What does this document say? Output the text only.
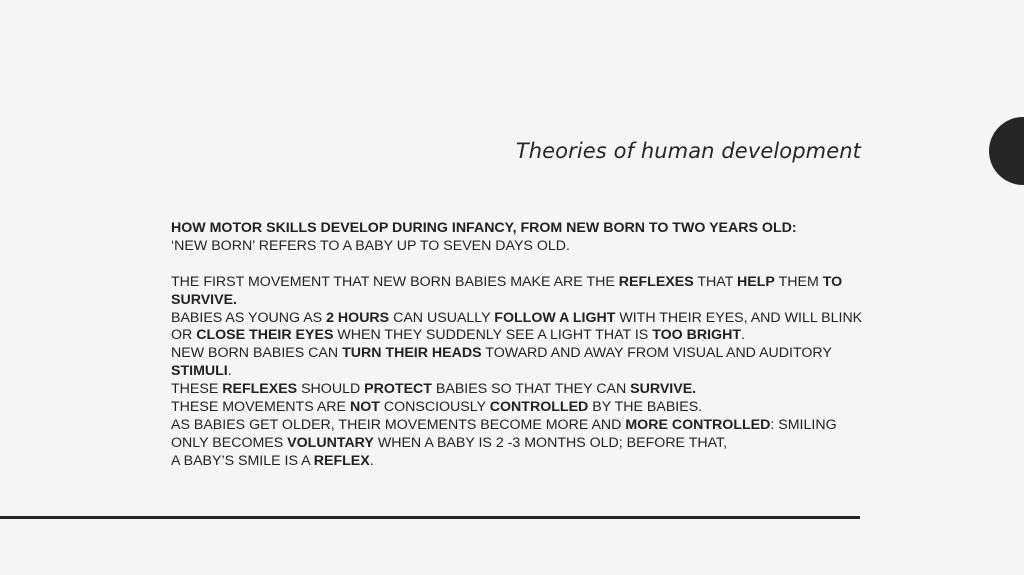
Theories of human development
HOW MOTOR SKILLS DEVELOP DURING INFANCY, FROM NEW BORN TO TWO YEARS OLD:
‘NEW BORN’ REFERS TO A BABY UP TO SEVEN DAYS OLD.
THE FIRST MOVEMENT THAT NEW BORN BABIES MAKE ARE THE REFLEXES THAT HELP THEM TO
SURVIVE.
BABIES AS YOUNG AS 2 HOURS CAN USUALLY FOLLOW A LIGHT WITH THEIR EYES, AND WILL BLINK
OR CLOSE THEIR EYES WHEN THEY SUDDENLY SEE A LIGHT THAT IS TOO BRIGHT.
NEW BORN BABIES CAN TURN THEIR HEADS TOWARD AND AWAY FROM VISUAL AND AUDITORY
STIMULI.
THESE REFLEXES SHOULD PROTECT BABIES SO THAT THEY CAN SURVIVE.
THESE MOVEMENTS ARE NOT CONSCIOUSLY CONTROLLED BY THE BABIES.
AS BABIES GET OLDER, THEIR MOVEMENTS BECOME MORE AND MORE CONTROLLED: SMILING
ONLY BECOMES VOLUNTARY WHEN A BABY IS 2 -3 MONTHS OLD; BEFORE THAT,
A BABY’S SMILE IS A REFLEX.
